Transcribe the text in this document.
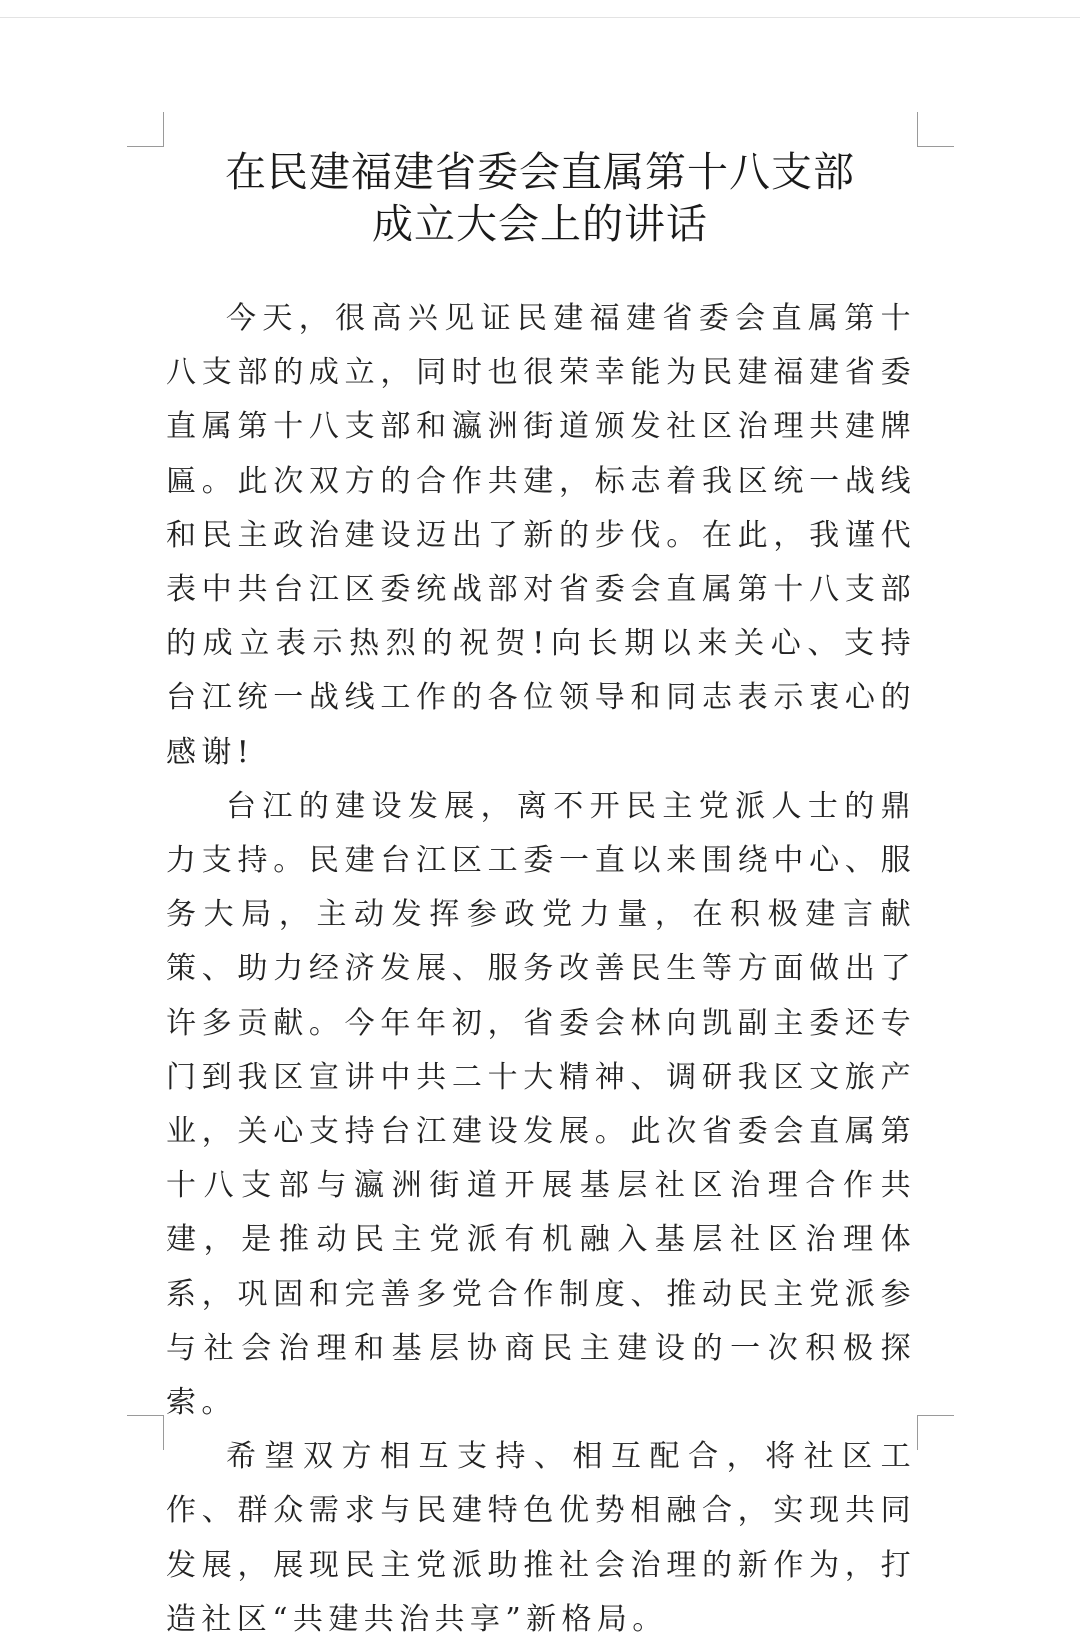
在民建福建省委会直属第十八支部
成立大会上的讲话

今天，很高兴见证民建福建省委会直属第十八支部的成立，同时也很荣幸能为民建福建省委直属第十八支部和瀛洲街道颁发社区治理共建牌匾。此次双方的合作共建，标志着我区统一战线和民主政治建设迈出了新的步伐。在此，我谨代表中共台江区委统战部对省委会直属第十八支部的成立表示热烈的祝贺!向长期以来关心、支持台江统一战线工作的各位领导和同志表示衷心的感谢!

台江的建设发展，离不开民主党派人士的鼎力支持。民建台江区工委一直以来围绕中心、服务大局，主动发挥参政党力量，在积极建言献策、助力经济发展、服务改善民生等方面做出了许多贡献。今年年初，省委会林向凯副主委还专门到我区宣讲中共二十大精神、调研我区文旅产业，关心支持台江建设发展。此次省委会直属第十八支部与瀛洲街道开展基层社区治理合作共建，是推动民主党派有机融入基层社区治理体系，巩固和完善多党合作制度、推动民主党派参与社会治理和基层协商民主建设的一次积极探索。

希望双方相互支持、相互配合，将社区工作、群众需求与民建特色优势相融合，实现共同发展，展现民主党派助推社会治理的新作为，打造社区“共建共治共享”新格局。
